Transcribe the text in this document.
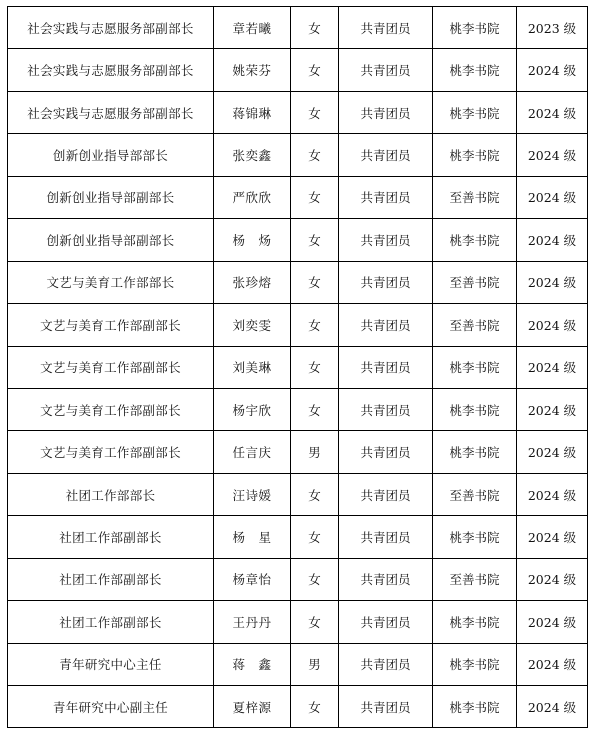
社会实践与志愿服务部副部长	章若曦	女	共青团员	桃李书院	2023 级
社会实践与志愿服务部副部长	姚荣芬	女	共青团员	桃李书院	2024 级
社会实践与志愿服务部副部长	蒋锦琳	女	共青团员	桃李书院	2024 级
创新创业指导部部长	张奕鑫	女	共青团员	桃李书院	2024 级
创新创业指导部副部长	严欣欣	女	共青团员	至善书院	2024 级
创新创业指导部副部长	杨　炀	女	共青团员	桃李书院	2024 级
文艺与美育工作部部长	张珍熔	女	共青团员	至善书院	2024 级
文艺与美育工作部副部长	刘奕雯	女	共青团员	至善书院	2024 级
文艺与美育工作部副部长	刘美琳	女	共青团员	桃李书院	2024 级
文艺与美育工作部副部长	杨宇欣	女	共青团员	桃李书院	2024 级
文艺与美育工作部副部长	任言庆	男	共青团员	桃李书院	2024 级
社团工作部部长	汪诗媛	女	共青团员	至善书院	2024 级
社团工作部副部长	杨　星	女	共青团员	桃李书院	2024 级
社团工作部副部长	杨章怡	女	共青团员	至善书院	2024 级
社团工作部副部长	王丹丹	女	共青团员	桃李书院	2024 级
青年研究中心主任	蒋　鑫	男	共青团员	桃李书院	2024 级
青年研究中心副主任	夏梓源	女	共青团员	桃李书院	2024 级
